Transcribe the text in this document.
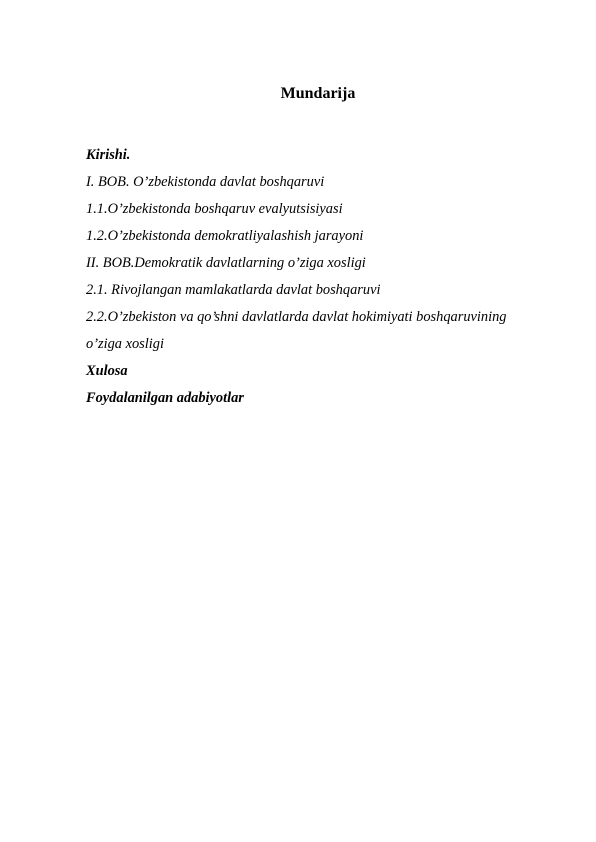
Mundarija
Kirishi.
I. BOB. O’zbekistonda davlat boshqaruvi
1.1.O’zbekistonda boshqaruv evalyutsisiyasi
1.2.O’zbekistonda demokratliyalashish jarayoni
II. BOB.Demokratik davlatlarning o’ziga xosligi
2.1. Rivojlangan mamlakatlarda davlat boshqaruvi
2.2.O’zbekiston va qo’shni davlatlarda davlat hokimiyati boshqaruvining
o’ziga xosligi
Xulosa
Foydalanilgan adabiyotlar
